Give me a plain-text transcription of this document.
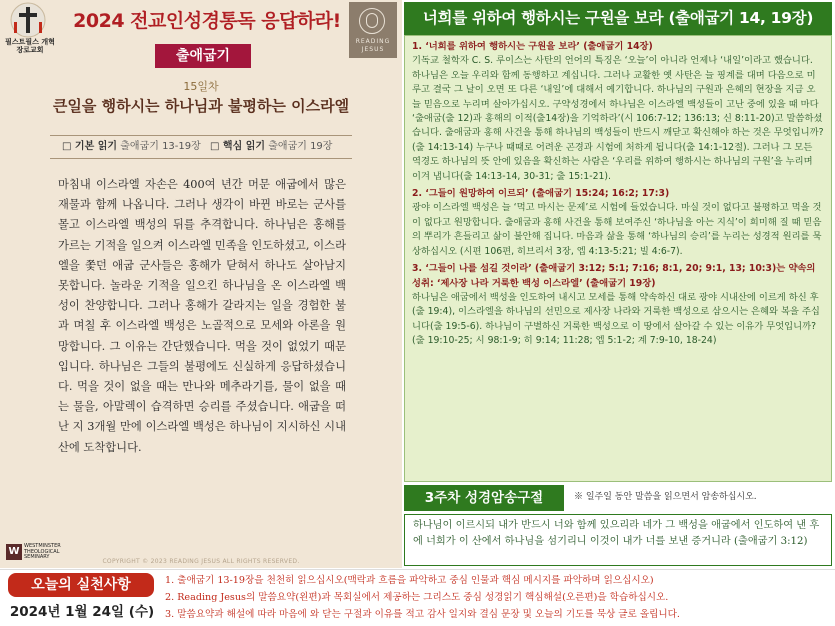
필스트필스 개혁장로교회
2024 전교인성경통독 응답하라!
READING JESUS
출애굽기
15일차
큰일을 행하시는 하나님과 불평하는 이스라엘
□ 기본 읽기 출애굽기 13-19장 □ 핵심 읽기 출애굽기 19장
마침내 이스라엘 자손은 400여 년간 머문 애굽에서 많은 재물과 함께 나옵니다. 그러나 생각이 바뀐 바로는 군사를 몰고 이스라엘 백성의 뒤를 추격합니다. 하나님은 홍해를 가르는 기적을 일으켜 이스라엘 민족을 인도하셨고, 이스라엘을 쫓던 애굽 군사들은 홍해가 닫혀서 하나도 살아남지 못합니다. 놀라운 기적을 일으킨 하나님을 온 이스라엘 백성이 찬양합니다. 그러나 홍해가 갈라지는 일을 경험한 불과 며칠 후 이스라엘 백성은 노골적으로 모세와 아론을 원망합니다. 그 이유는 간단했습니다. 먹을 것이 없었기 때문입니다. 하나님은 그들의 불평에도 신실하게 응답하셨습니다. 먹을 것이 없을 때는 만나와 메추라기를, 물이 없을 때는 물을, 아말렉이 습격하면 승리를 주셨습니다. 애굽을 떠난 지 3개월 만에 이스라엘 백성은 하나님이 지시하신 시내 산에 도착합니다.
W WESTMINSTER THEOLOGICAL SEMINARY
COPYRIGHT © 2023 READING JESUS ALL RIGHTS RESERVED.
너희를 위하여 행하시는 구원을 보라 (출애굽기 14, 19장)
1. ‘너희를 위하여 행하시는 구원을 보라’ (출애굽기 14장)
기독교 철학자 C. S. 루이스는 사탄의 언어의 특징은 ‘오늘’이 아니라 언제나 ‘내일’이라고 했습니다. 하나님은 오늘 우리와 함께 동행하고 계십니다. 그러나 교활한 옛 사탄은 늘 핑계를 대며 다음으로 미루고 결국 그 날이 오면 또 다른 ‘내일’에 대해서 예기합니다. 하나님의 구원과 은혜의 현장을 지금 오늘 믿음으로 누리며 살아가십시오. 구약성경에서 하나님은 이스라엘 백성들이 고난 중에 있을 때 마다 ‘출애굽(출 12)과 홍해의 이적(출14장)을 기억하라’(시 106:7-12; 136:13; 신 8:11-20)고 말씀하셨습니다. 출애굽과 홍해 사건을 통해 하나님의 백성들이 반드시 깨닫고 확신해야 하는 것은 무엇입니까? (출 14:13-14) 누구나 때때로 어려운 곤경과 시험에 처하게 됩니다(출 14:1-12절). 그러나 그 모든 역경도 하나님의 뜻 안에 있음을 확신하는 사람은 ‘우리를 위하여 행하시는 하나님의 구원’을 누리며 이겨 냅니다(출 14:13-14, 30-31; 출 15:1-21).
2. ‘그들이 원망하여 이르되’ (출애굽기 15:24; 16:2; 17:3)
광야 이스라엘 백성은 늘 ‘먹고 마시는 문제’로 시험에 들었습니다. 마실 것이 없다고 불평하고 먹을 것이 없다고 원망합니다. 출애굽과 홍해 사건을 통해 보여주신 ‘하나님을 아는 지식’이 희미해 질 때 믿음의 뿌리가 흔들리고 삶이 불안해 집니다. 마음과 삶을 통해 ‘하나님의 승리’를 누리는 성경적 원리를 묵상하십시오 (시편 106편, 히브리서 3장, 엡 4:13-5:21; 빌 4:6-7).
3. ‘그들이 나를 섬길 것이라’ (출애굽기 3:12; 5:1; 7:16; 8:1, 20; 9:1, 13; 10:3)는 약속의 성취: ‘제사장 나라 거룩한 백성 이스라엘’ (출애굽기 19장)
하나님은 애굽에서 백성을 인도하여 내시고 모세를 통해 약속하신 대로 광야 시내산에 이르게 하신 후 (출 19:4), 이스라엘을 하나님의 선민으로 제사장 나라와 거룩한 백성으로 삼으시는 은혜와 복을 주십니다(출 19:5-6). 하나님이 구별하신 거룩한 백성으로 이 땅에서 살아갈 수 있는 이유가 무엇입니까? (출 19:10-25; 시 98:1-9; 히 9:14; 11:28; 엡 5:1-2; 계 7:9-10, 18-24)
3주차 성경암송구절	※ 일주일 동안 말씀을 읽으면서 암송하십시오.
하나님이 이르시되 내가 반드시 너와 함께 있으리라 네가 그 백성을 애굽에서 인도하여 낸 후에 너희가 이 산에서 하나님을 섬기리니 이것이 내가 너를 보낸 증거니라 (출애굽기 3:12)
오늘의 실천사항
2024년 1월 24일 (수)
1. 출애굽기 13-19장을 천천히 읽으십시오(맥락과 흐름을 파악하고 중심 인물과 핵심 메시지를 파악하며 읽으십시오)
2. Reading Jesus의 말씀요약(왼편)과 목회실에서 제공하는 그리스도 중심 성경읽기 핵심해설(오른편)을 학습하십시오.
3. 말씀요약과 해설에 따라 마음에 와 닫는 구절과 이유를 적고 감사 일지와 결심 문장 및 오늘의 기도를 묵상 글로 올립니다.
